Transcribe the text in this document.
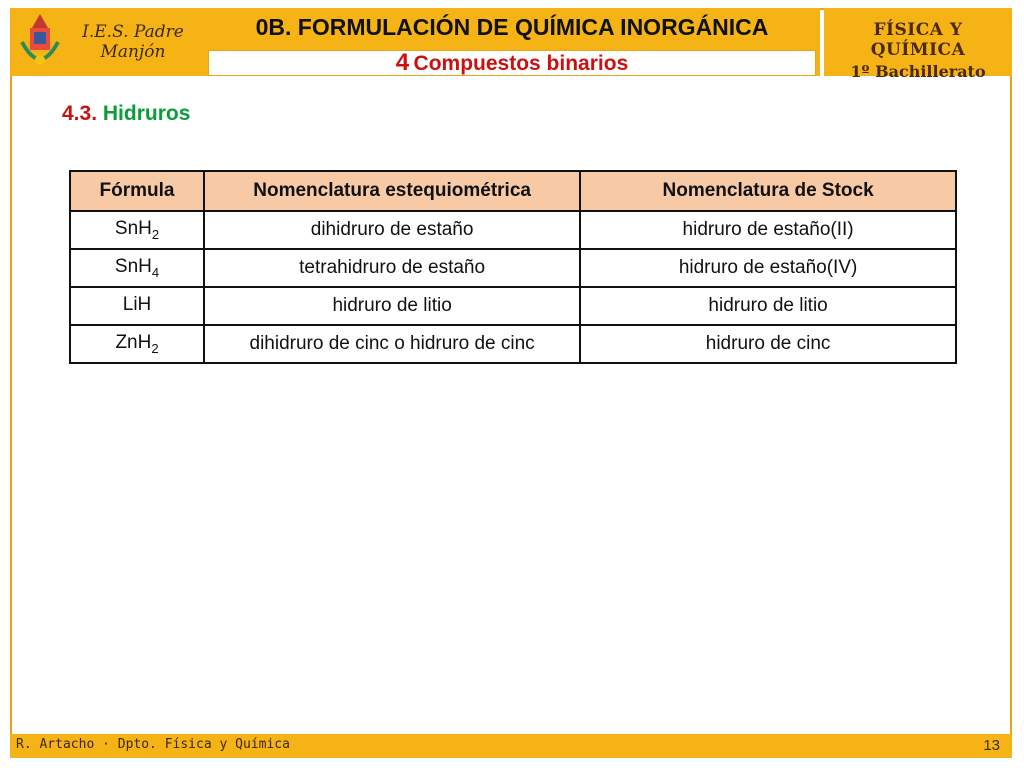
I.E.S. Padre
Manjón
0B. FORMULACIÓN DE QUÍMICA INORGÁNICA
4 Compuestos binarios
FÍSICA Y QUÍMICA
1º Bachillerato
4.3. Hidruros
Fórmula	Nomenclatura estequiométrica	Nomenclatura de Stock
SnH$_2$	dihidruro de estaño	hidruro de estaño(II)
SnH$_4$	tetrahidruro de estaño	hidruro de estaño(IV)
LiH	hidruro de litio	hidruro de litio
ZnH$_2$	dihidruro de cinc o hidruro de cinc	hidruro de cinc
R. Artacho · Dpto. Física y Química	13
